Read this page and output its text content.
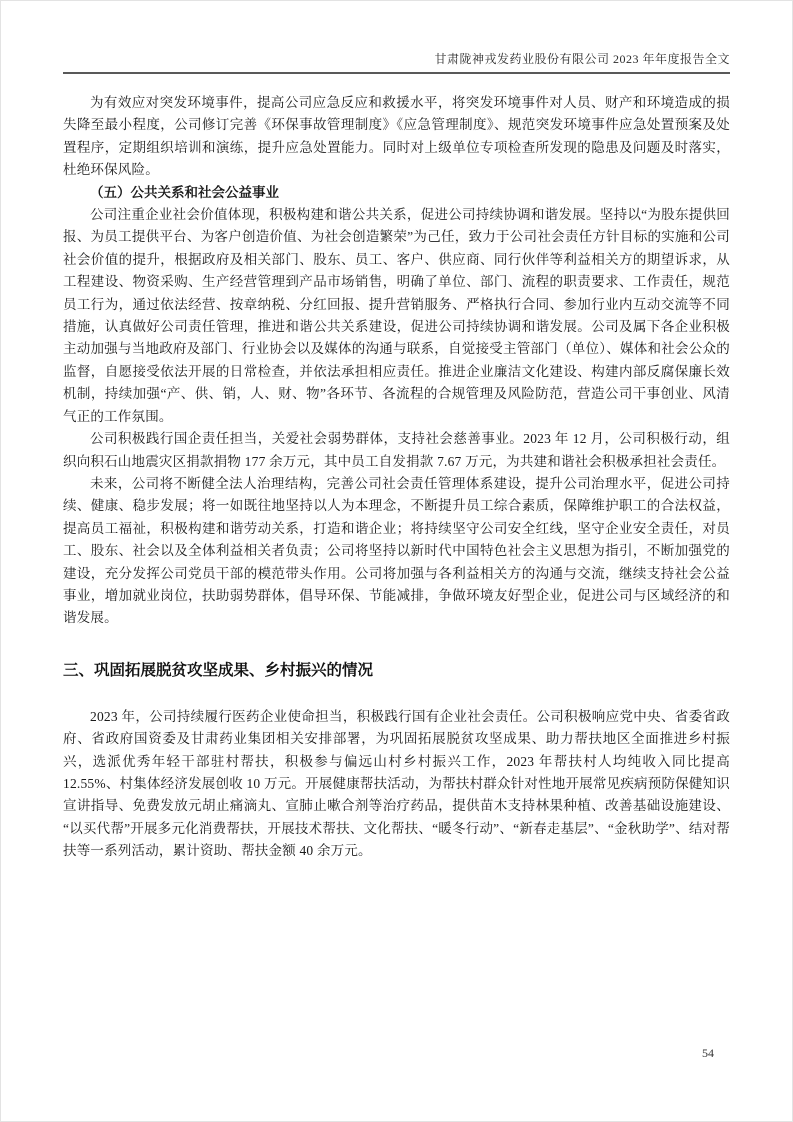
甘肃陇神戎发药业股份有限公司 2023 年年度报告全文

为有效应对突发环境事件，提高公司应急反应和救援水平，将突发环境事件对人员、财产和环境造成的损失降至最小程度，公司修订完善《环保事故管理制度》《应急管理制度》、规范突发环境事件应急处置预案及处置程序，定期组织培训和演练，提升应急处置能力。同时对上级单位专项检查所发现的隐患及问题及时落实，杜绝环保风险。

（五）公共关系和社会公益事业

公司注重企业社会价值体现，积极构建和谐公共关系，促进公司持续协调和谐发展。坚持以“为股东提供回报、为员工提供平台、为客户创造价值、为社会创造繁荣”为己任，致力于公司社会责任方针目标的实施和公司社会价值的提升，根据政府及相关部门、股东、员工、客户、供应商、同行伙伴等利益相关方的期望诉求，从工程建设、物资采购、生产经营管理到产品市场销售，明确了单位、部门、流程的职责要求、工作责任，规范员工行为，通过依法经营、按章纳税、分红回报、提升营销服务、严格执行合同、参加行业内互动交流等不同措施，认真做好公司责任管理，推进和谐公共关系建设，促进公司持续协调和谐发展。公司及属下各企业积极主动加强与当地政府及部门、行业协会以及媒体的沟通与联系，自觉接受主管部门（单位）、媒体和社会公众的监督，自愿接受依法开展的日常检查，并依法承担相应责任。推进企业廉洁文化建设、构建内部反腐保廉长效机制，持续加强“产、供、销，人、财、物”各环节、各流程的合规管理及风险防范，营造公司干事创业、风清气正的工作氛围。

公司积极践行国企责任担当，关爱社会弱势群体，支持社会慈善事业。2023 年 12 月，公司积极行动，组织向积石山地震灾区捐款捐物 177 余万元，其中员工自发捐款 7.67 万元，为共建和谐社会积极承担社会责任。

未来，公司将不断健全法人治理结构，完善公司社会责任管理体系建设，提升公司治理水平，促进公司持续、健康、稳步发展；将一如既往地坚持以人为本理念，不断提升员工综合素质，保障维护职工的合法权益，提高员工福祉，积极构建和谐劳动关系，打造和谐企业；将持续坚守公司安全红线，坚守企业安全责任，对员工、股东、社会以及全体利益相关者负责；公司将坚持以新时代中国特色社会主义思想为指引，不断加强党的建设，充分发挥公司党员干部的模范带头作用。公司将加强与各利益相关方的沟通与交流，继续支持社会公益事业，增加就业岗位，扶助弱势群体，倡导环保、节能减排，争做环境友好型企业，促进公司与区域经济的和谐发展。

三、巩固拓展脱贫攻坚成果、乡村振兴的情况

2023 年，公司持续履行医药企业使命担当，积极践行国有企业社会责任。公司积极响应党中央、省委省政府、省政府国资委及甘肃药业集团相关安排部署，为巩固拓展脱贫攻坚成果、助力帮扶地区全面推进乡村振兴，选派优秀年轻干部驻村帮扶，积极参与偏远山村乡村振兴工作，2023 年帮扶村人均纯收入同比提高 12.55%、村集体经济发展创收 10 万元。开展健康帮扶活动，为帮扶村群众针对性地开展常见疾病预防保健知识宣讲指导、免费发放元胡止痛滴丸、宣肺止嗽合剂等治疗药品，提供苗木支持林果种植、改善基础设施建设、“以买代帮”开展多元化消费帮扶，开展技术帮扶、文化帮扶、“暖冬行动”、“新春走基层”、“金秋助学”、结对帮扶等一系列活动，累计资助、帮扶金额 40 余万元。

54
